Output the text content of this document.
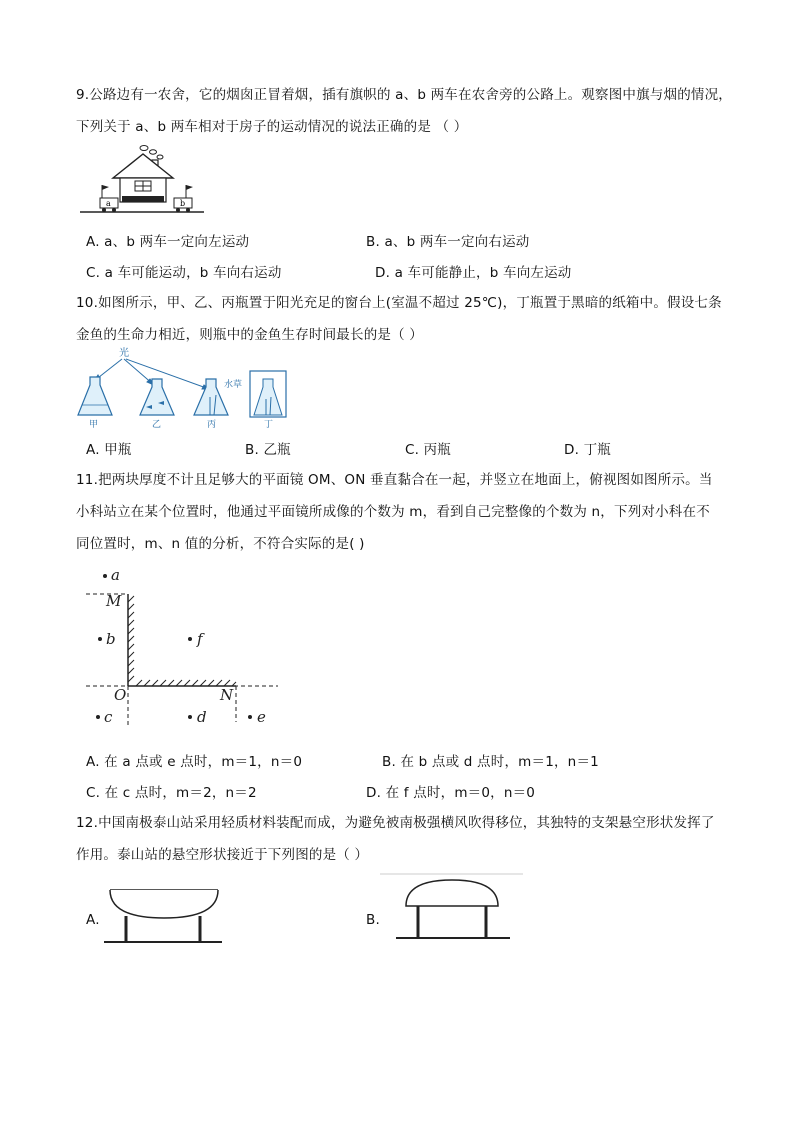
9.公路边有一农舍，它的烟囱正冒着烟，插有旗帜的 a、b 两车在农舍旁的公路上。观察图中旗与烟的情况，
下列关于 a、b 两车相对于房子的运动情况的说法正确的是 （ ）
a	b
A. a、b 两车一定向左运动	B. a、b 两车一定向右运动
C. a 车可能运动，b 车向右运动	D. a 车可能静止，b 车向左运动
10.如图所示，甲、乙、丙瓶置于阳光充足的窗台上(室温不超过 25℃)，丁瓶置于黑暗的纸箱中。假设七条
金鱼的生命力相近，则瓶中的金鱼生存时间最长的是（ ）
光
甲	乙	丙
水草
丁
A. 甲瓶	B. 乙瓶	C. 丙瓶	D. 丁瓶
11.把两块厚度不计且足够大的平面镜 OM、ON 垂直黏合在一起，并竖立在地面上，俯视图如图所示。当
小科站立在某个位置时，他通过平面镜所成像的个数为 m，看到自己完整像的个数为 n，下列对小科在不
同位置时，m、n 值的分析，不符合实际的是( )
a
M
b	f
O	N
c	d	e
A. 在 a 点或 e 点时，m＝1，n＝0	B. 在 b 点或 d 点时，m＝1，n＝1
C. 在 c 点时，m＝2，n＝2	D. 在 f 点时，m＝0，n＝0
12.中国南极泰山站采用轻质材料装配而成，为避免被南极强横风吹得移位，其独特的支架悬空形状发挥了
作用。泰山站的悬空形状接近于下列图的是（ ）
A.	B.
